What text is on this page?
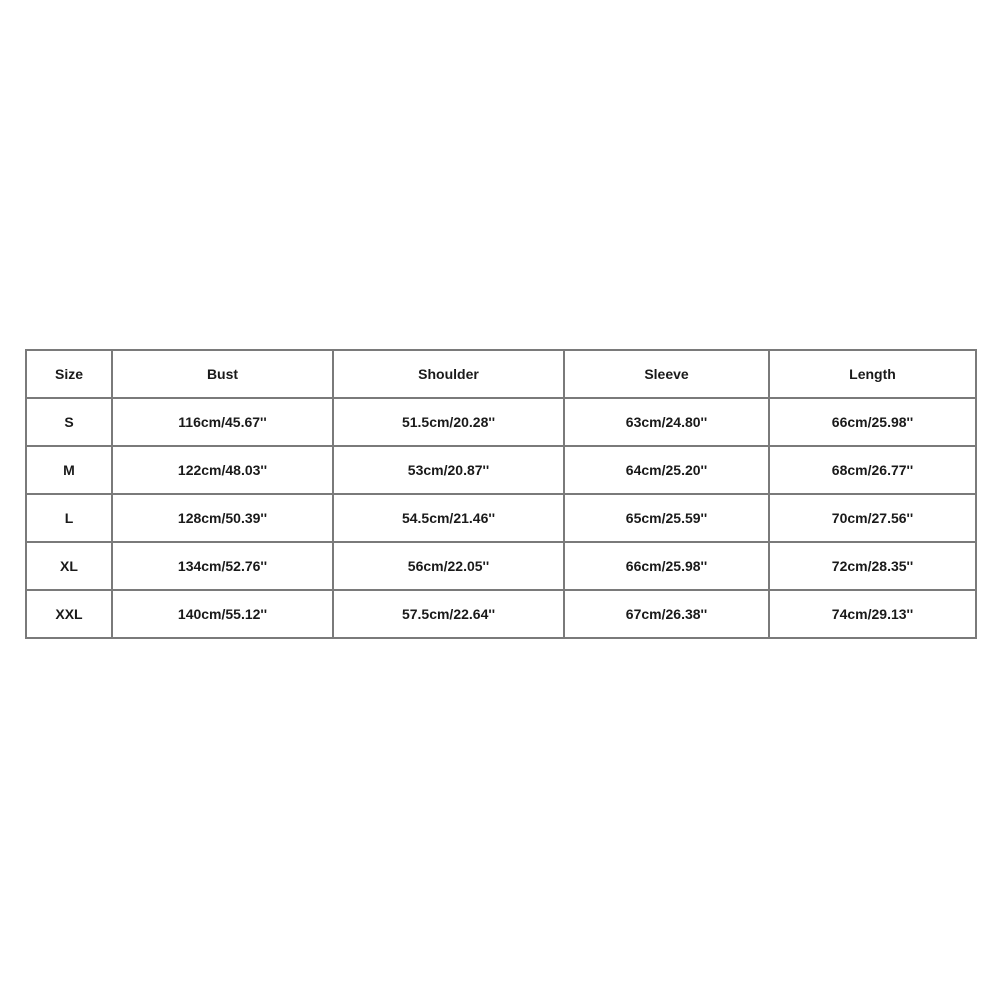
Size	Bust	Shoulder	Sleeve	Length
S	116cm/45.67''	51.5cm/20.28''	63cm/24.80''	66cm/25.98''
M	122cm/48.03''	53cm/20.87''	64cm/25.20''	68cm/26.77''
L	128cm/50.39''	54.5cm/21.46''	65cm/25.59''	70cm/27.56''
XL	134cm/52.76''	56cm/22.05''	66cm/25.98''	72cm/28.35''
XXL	140cm/55.12''	57.5cm/22.64''	67cm/26.38''	74cm/29.13''
